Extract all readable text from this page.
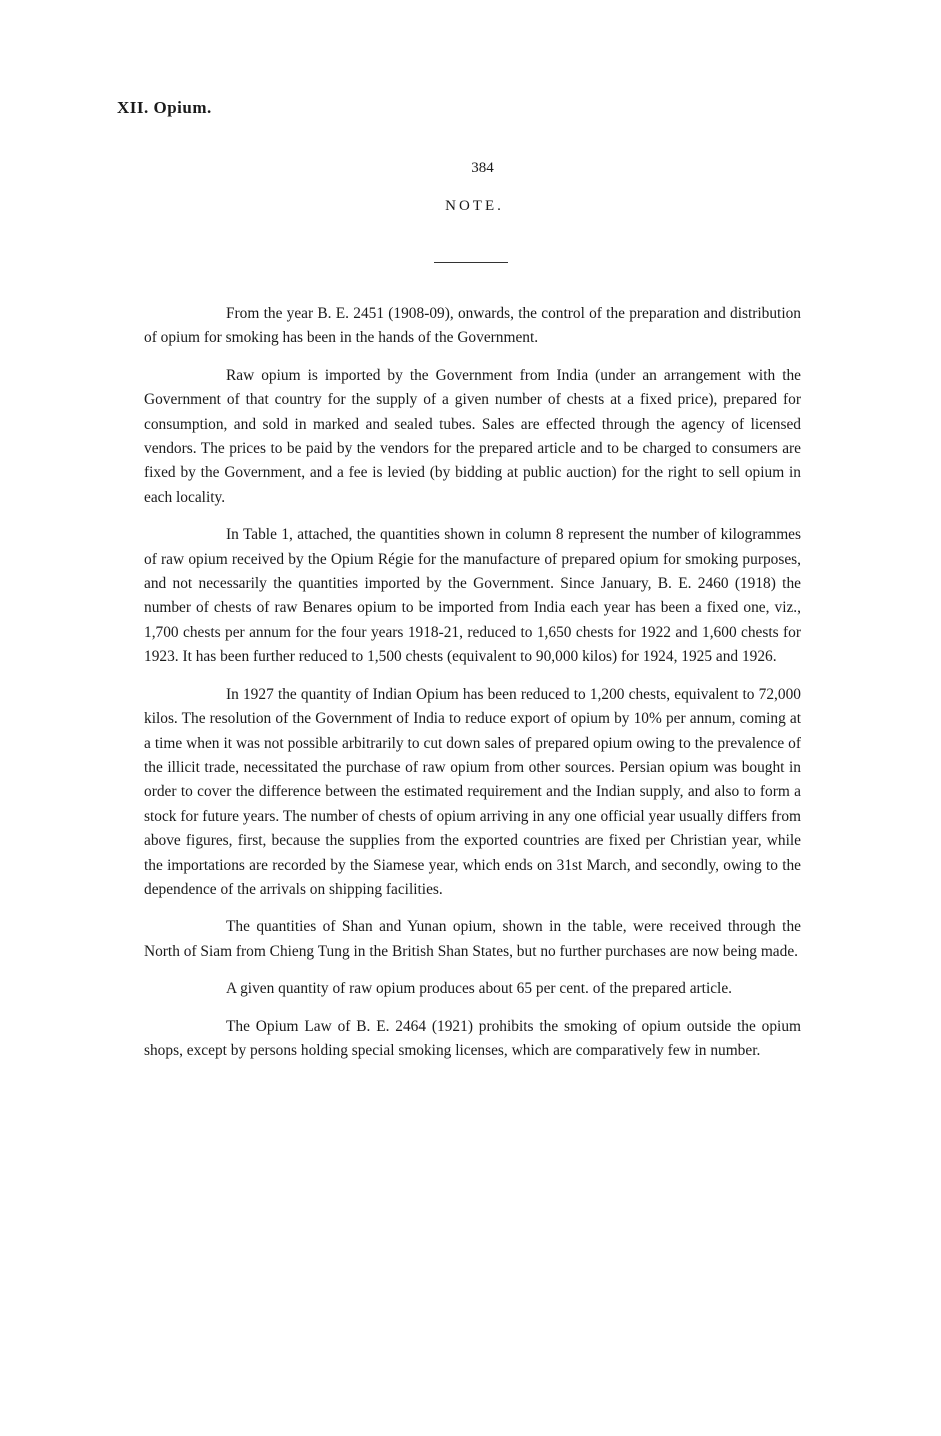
XII. Opium.
384
NOTE.

From the year B. E. 2451 (1908-09), onwards, the control of the preparation and distribution of opium for smoking has been in the hands of the Government.

Raw opium is imported by the Government from India (under an arrangement with the Government of that country for the supply of a given number of chests at a fixed price), prepared for consumption, and sold in marked and sealed tubes. Sales are effected through the agency of licensed vendors. The prices to be paid by the vendors for the prepared article and to be charged to consumers are fixed by the Government, and a fee is levied (by bidding at public auction) for the right to sell opium in each locality.

In Table 1, attached, the quantities shown in column 8 represent the number of kilogrammes of raw opium received by the Opium Régie for the manufacture of prepared opium for smoking purposes, and not necessarily the quantities imported by the Government. Since January, B. E. 2460 (1918) the number of chests of raw Benares opium to be imported from India each year has been a fixed one, viz., 1,700 chests per annum for the four years 1918-21, reduced to 1,650 chests for 1922 and 1,600 chests for 1923. It has been further reduced to 1,500 chests (equivalent to 90,000 kilos) for 1924, 1925 and 1926.

In 1927 the quantity of Indian Opium has been reduced to 1,200 chests, equivalent to 72,000 kilos. The resolution of the Government of India to reduce export of opium by 10% per annum, coming at a time when it was not possible arbitrarily to cut down sales of prepared opium owing to the prevalence of the illicit trade, necessitated the purchase of raw opium from other sources. Persian opium was bought in order to cover the difference between the estimated requirement and the Indian supply, and also to form a stock for future years. The number of chests of opium arriving in any one official year usually differs from above figures, first, because the supplies from the exported countries are fixed per Christian year, while the importations are recorded by the Siamese year, which ends on 31st March, and secondly, owing to the dependence of the arrivals on shipping facilities.

The quantities of Shan and Yunan opium, shown in the table, were received through the North of Siam from Chieng Tung in the British Shan States, but no further purchases are now being made.

A given quantity of raw opium produces about 65 per cent. of the prepared article.

The Opium Law of B. E. 2464 (1921) prohibits the smoking of opium outside the opium shops, except by persons holding special smoking licenses, which are comparatively few in number.
